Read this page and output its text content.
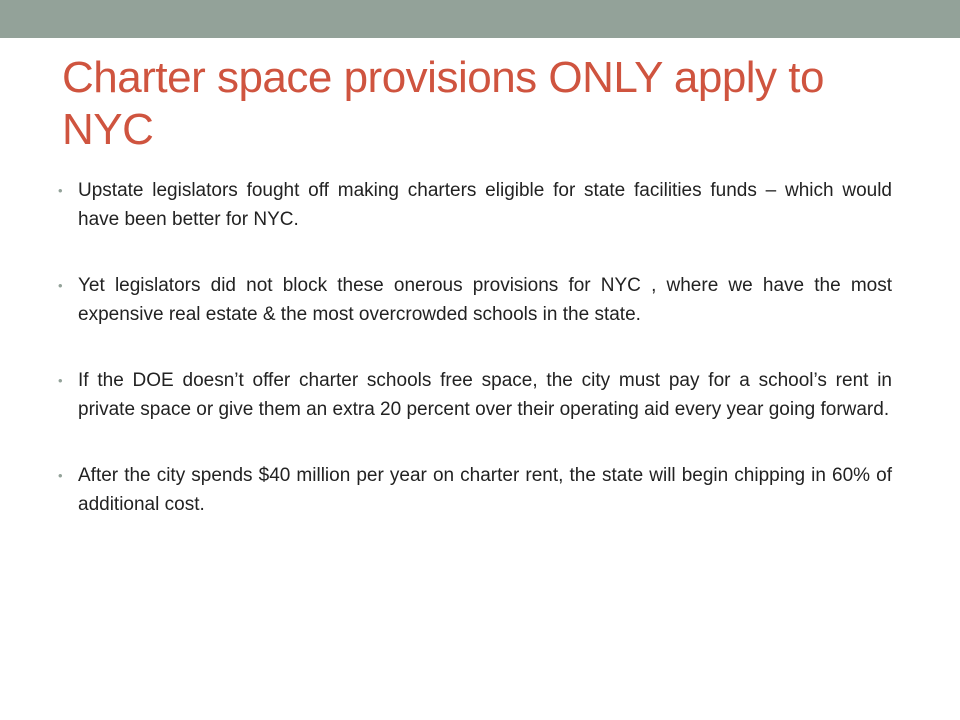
Charter space provisions ONLY apply to NYC
• Upstate legislators fought off making charters eligible for state facilities funds – which would have been better for NYC.
• Yet legislators did not block these onerous provisions for NYC , where we have the most expensive real estate & the most overcrowded schools in the state.
• If the DOE doesn’t offer charter schools free space, the city must pay for a school’s rent in private space or give them an extra 20 percent over their operating aid every year going forward.
• After the city spends $40 million per year on charter rent, the state will begin chipping in 60% of additional cost.
